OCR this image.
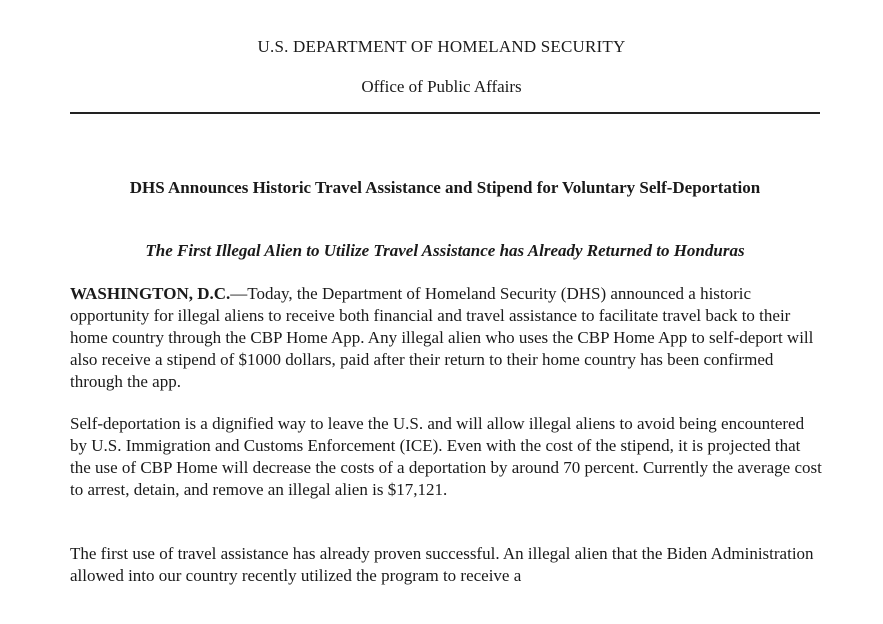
U.S. DEPARTMENT OF HOMELAND SECURITY
Office of Public Affairs
DHS Announces Historic Travel Assistance and Stipend for Voluntary Self-Deportation
The First Illegal Alien to Utilize Travel Assistance has Already Returned to Honduras
WASHINGTON, D.C.—Today, the Department of Homeland Security (DHS) announced a historic opportunity for illegal aliens to receive both financial and travel assistance to facilitate travel back to their home country through the CBP Home App. Any illegal alien who uses the CBP Home App to self-deport will also receive a stipend of $1000 dollars, paid after their return to their home country has been confirmed through the app.
Self-deportation is a dignified way to leave the U.S. and will allow illegal aliens to avoid being encountered by U.S. Immigration and Customs Enforcement (ICE). Even with the cost of the stipend, it is projected that the use of CBP Home will decrease the costs of a deportation by around 70 percent. Currently the average cost to arrest, detain, and remove an illegal alien is $17,121.
The first use of travel assistance has already proven successful. An illegal alien that the Biden Administration allowed into our country recently utilized the program to receive a
